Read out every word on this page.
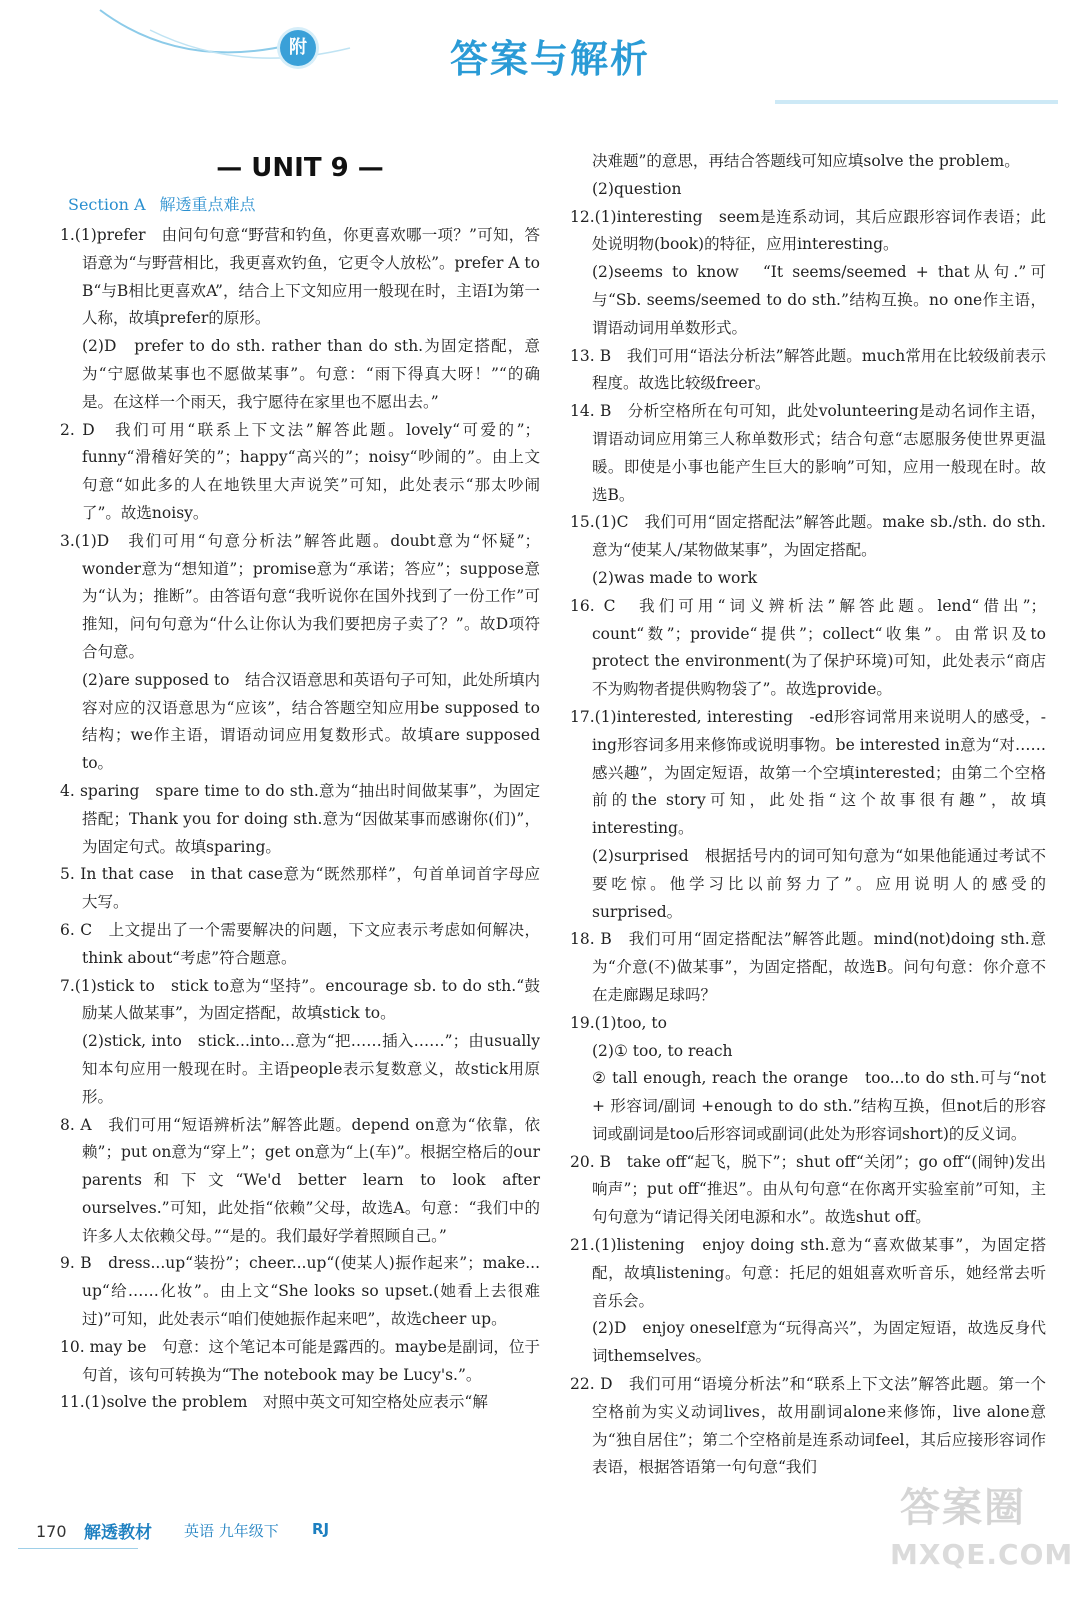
附	答案与解析
— UNIT 9 —
Section A 解透重点难点

1.(1)prefer　由问句句意“野营和钓鱼，你更喜欢哪一项？”可知，答语意为“与野营相比，我更喜欢钓鱼，它更令人放松”。prefer A to B“与B相比更喜欢A”，结合上下文知应用一般现在时，主语I为第一人称，故填prefer的原形。

(2)D　prefer to do sth. rather than do sth.为固定搭配，意为“宁愿做某事也不愿做某事”。句意：“雨下得真大呀！”“的确是。在这样一个雨天，我宁愿待在家里也不愿出去。”

2. D　我们可用“联系上下文法”解答此题。lovely“可爱的”；funny“滑稽好笑的”；happy“高兴的”；noisy“吵闹的”。由上文句意“如此多的人在地铁里大声说笑”可知，此处表示“那太吵闹了”。故选noisy。

3.(1)D　我们可用“句意分析法”解答此题。doubt意为“怀疑”；wonder意为“想知道”；promise意为“承诺；答应”；suppose意为“认为；推断”。由答语句意“我听说你在国外找到了一份工作”可推知，问句句意为“什么让你认为我们要把房子卖了？”。故D项符合句意。

(2)are supposed to　结合汉语意思和英语句子可知，此处所填内容对应的汉语意思为“应该”，结合答题空知应用be supposed to结构；we作主语，谓语动词应用复数形式。故填are supposed to。

4. sparing　spare time to do sth.意为“抽出时间做某事”，为固定搭配；Thank you for doing sth.意为“因做某事而感谢你(们)”，为固定句式。故填sparing。

5. In that case　in that case意为“既然那样”，句首单词首字母应大写。

6. C　上文提出了一个需要解决的问题，下文应表示考虑如何解决，think about“考虑”符合题意。

7.(1)stick to　stick to意为“坚持”。encourage sb. to do sth.“鼓励某人做某事”，为固定搭配，故填stick to。

(2)stick, into　stick...into...意为“把……插入……”；由usually知本句应用一般现在时。主语people表示复数意义，故stick用原形。

8. A　我们可用“短语辨析法”解答此题。depend on意为“依靠，依赖”；put on意为“穿上”；get on意为“上(车)”。根据空格后的our parents和下文“We'd better learn to look after ourselves.”可知，此处指“依赖”父母，故选A。句意：“我们中的许多人太依赖父母。”“是的。我们最好学着照顾自己。”

9. B　dress...up“装扮”；cheer...up“(使某人)振作起来”；make... up“给……化妆”。由上文“She looks so upset.(她看上去很难过)”可知，此处表示“咱们使她振作起来吧”，故选cheer up。

10. may be　句意：这个笔记本可能是露西的。maybe是副词，位于句首，该句可转换为“The notebook may be Lucy's.”。

11.(1)solve the problem　对照中英文可知空格处应表示“解

决难题”的意思，再结合答题线可知应填solve the problem。

(2)question

12.(1)interesting　seem是连系动词，其后应跟形容词作表语；此处说明物(book)的特征，应用interesting。

(2)seems to know　“It seems/seemed + that从句.”可与“Sb. seems/seemed to do sth.”结构互换。no one作主语，谓语动词用单数形式。

13. B　我们可用“语法分析法”解答此题。much常用在比较级前表示程度。故选比较级freer。

14. B　分析空格所在句可知，此处volunteering是动名词作主语，谓语动词应用第三人称单数形式；结合句意“志愿服务使世界更温暖。即使是小事也能产生巨大的影响”可知，应用一般现在时。故选B。

15.(1)C　我们可用“固定搭配法”解答此题。make sb./sth. do sth.意为“使某人/某物做某事”，为固定搭配。

(2)was made to work

16. C　我们可用“词义辨析法”解答此题。lend“借出”；count“数”；provide“提供”；collect“收集”。由常识及to protect the environment(为了保护环境)可知，此处表示“商店不为购物者提供购物袋了”。故选provide。

17.(1)interested, interesting　-ed形容词常用来说明人的感受，-ing形容词多用来修饰或说明事物。be interested in意为“对……感兴趣”，为固定短语，故第一个空填interested；由第二个空格前的the story可知，此处指“这个故事很有趣”，故填interesting。

(2)surprised　根据括号内的词可知句意为“如果他能通过考试不要吃惊。他学习比以前努力了”。应用说明人的感受的surprised。

18. B　我们可用“固定搭配法”解答此题。mind(not)doing sth.意为“介意(不)做某事”，为固定搭配，故选B。问句句意：你介意不在走廊踢足球吗？

19.(1)too, to

(2)① too, to reach

② tall enough, reach the orange　too...to do sth.可与“not + 形容词/副词 +enough to do sth.”结构互换，但not后的形容词或副词是too后形容词或副词(此处为形容词short)的反义词。

20. B　take off“起飞，脱下”；shut off“关闭”；go off“(闹钟)发出响声”；put off“推迟”。由从句句意“在你离开实验室前”可知，主句句意为“请记得关闭电源和水”。故选shut off。

21.(1)listening　enjoy doing sth.意为“喜欢做某事”，为固定搭配，故填listening。句意：托尼的姐姐喜欢听音乐，她经常去听音乐会。

(2)D　enjoy oneself意为“玩得高兴”，为固定短语，故选反身代词themselves。

22. D　我们可用“语境分析法”和“联系上下文法”解答此题。第一个空格前为实义动词lives，故用副词alone来修饰，live alone意为“独自居住”；第二个空格前是连系动词feel，其后应接形容词作表语，根据答语第一句句意“我们

170 解透教材 英语 九年级下 RJ	答案圈
MXQE.COM
